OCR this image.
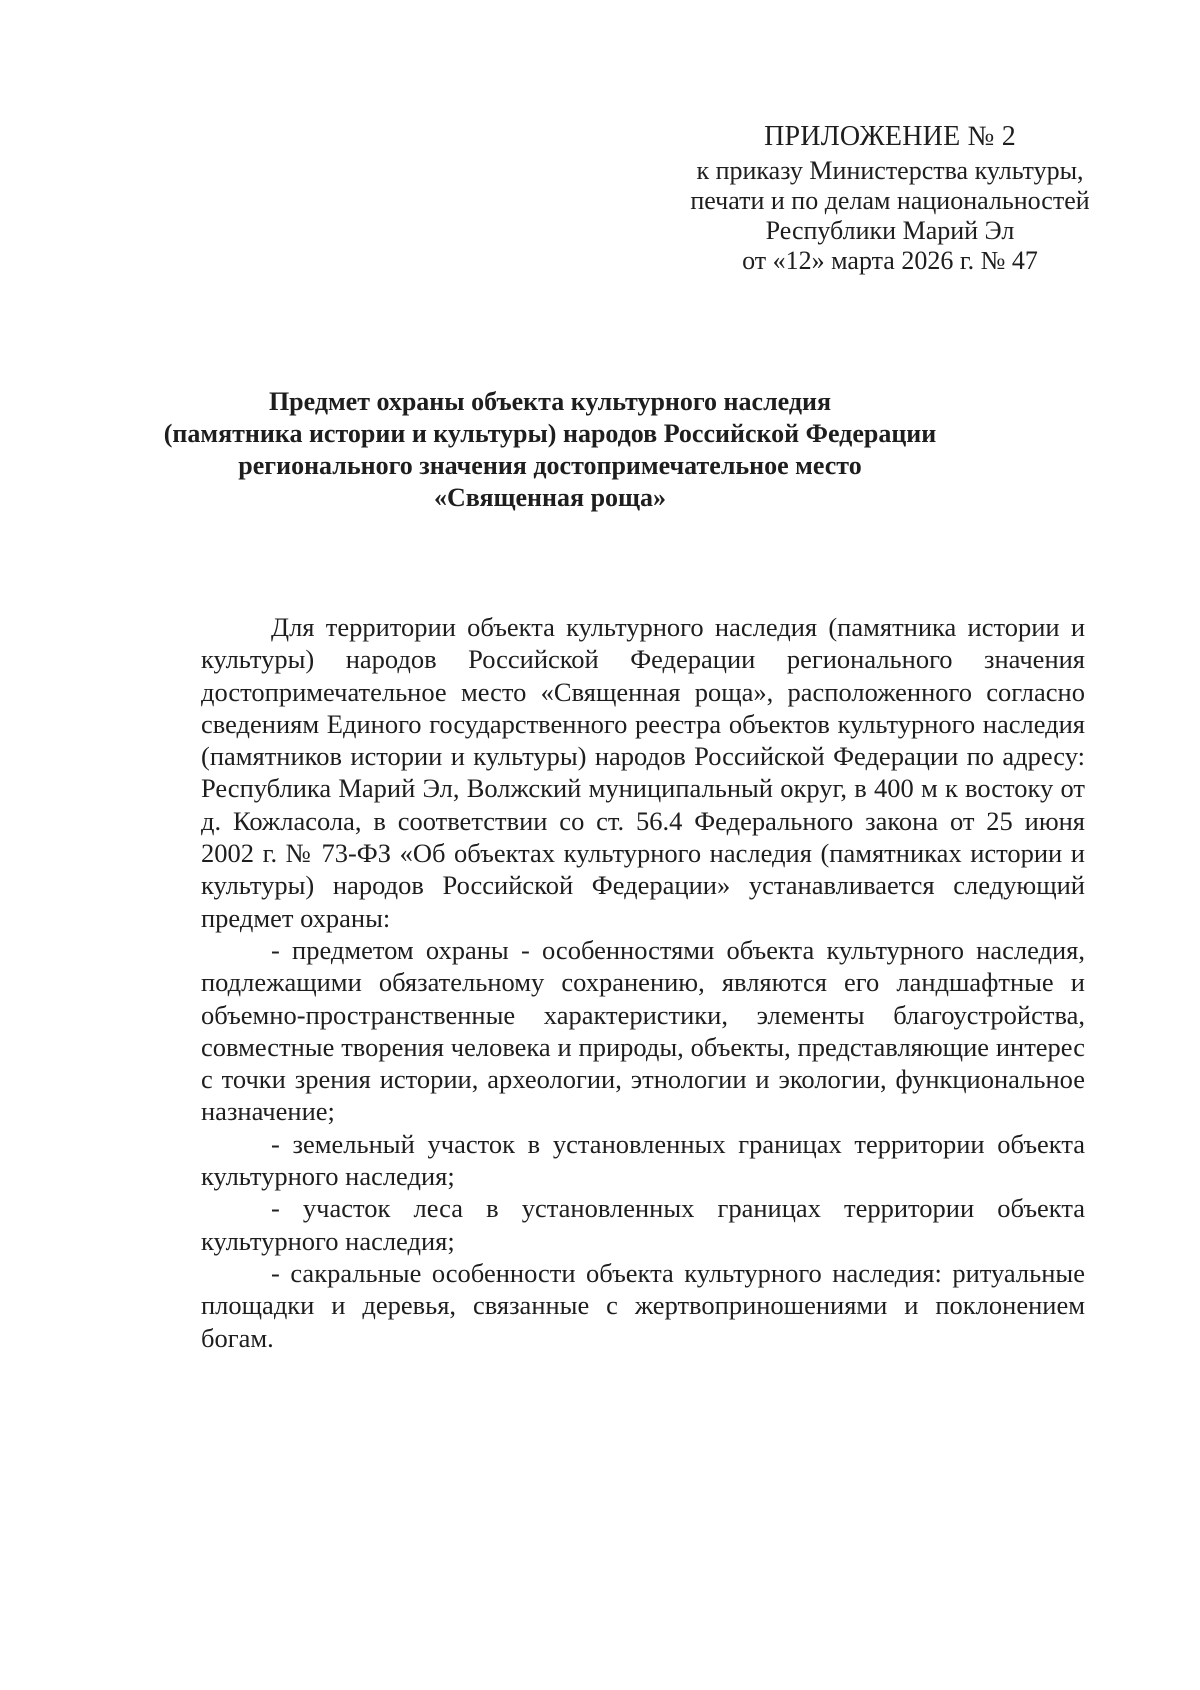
ПРИЛОЖЕНИЕ № 2
к приказу Министерства культуры,
печати и по делам национальностей
Республики Марий Эл
от «12» марта 2026 г. № 47
Предмет охраны объекта культурного наследия
(памятника истории и культуры) народов Российской Федерации
регионального значения достопримечательное место
«Священная роща»

Для территории объекта культурного наследия (памятника истории и культуры) народов Российской Федерации регионального значения достопримечательное место «Священная роща», расположенного согласно сведениям Единого государственного реестра объектов культурного наследия (памятников истории и культуры) народов Российской Федерации по адресу: Республика Марий Эл, Волжский муниципальный округ, в 400 м к востоку от д. Кожласола, в соответствии со ст. 56.4 Федерального закона от 25 июня 2002 г. № 73-ФЗ «Об объектах культурного наследия (памятниках истории и культуры) народов Российской Федерации» устанавливается следующий предмет охраны:

- предметом охраны - особенностями объекта культурного наследия, подлежащими обязательному сохранению, являются его ландшафтные и объемно-пространственные характеристики, элементы благоустройства, совместные творения человека и природы, объекты, представляющие интерес с точки зрения истории, археологии, этнологии и экологии, функциональное назначение;

- земельный участок в установленных границах территории объекта культурного наследия;

- участок леса в установленных границах территории объекта культурного наследия;

- сакральные особенности объекта культурного наследия: ритуальные площадки и деревья, связанные с жертвоприношениями и поклонением богам.
